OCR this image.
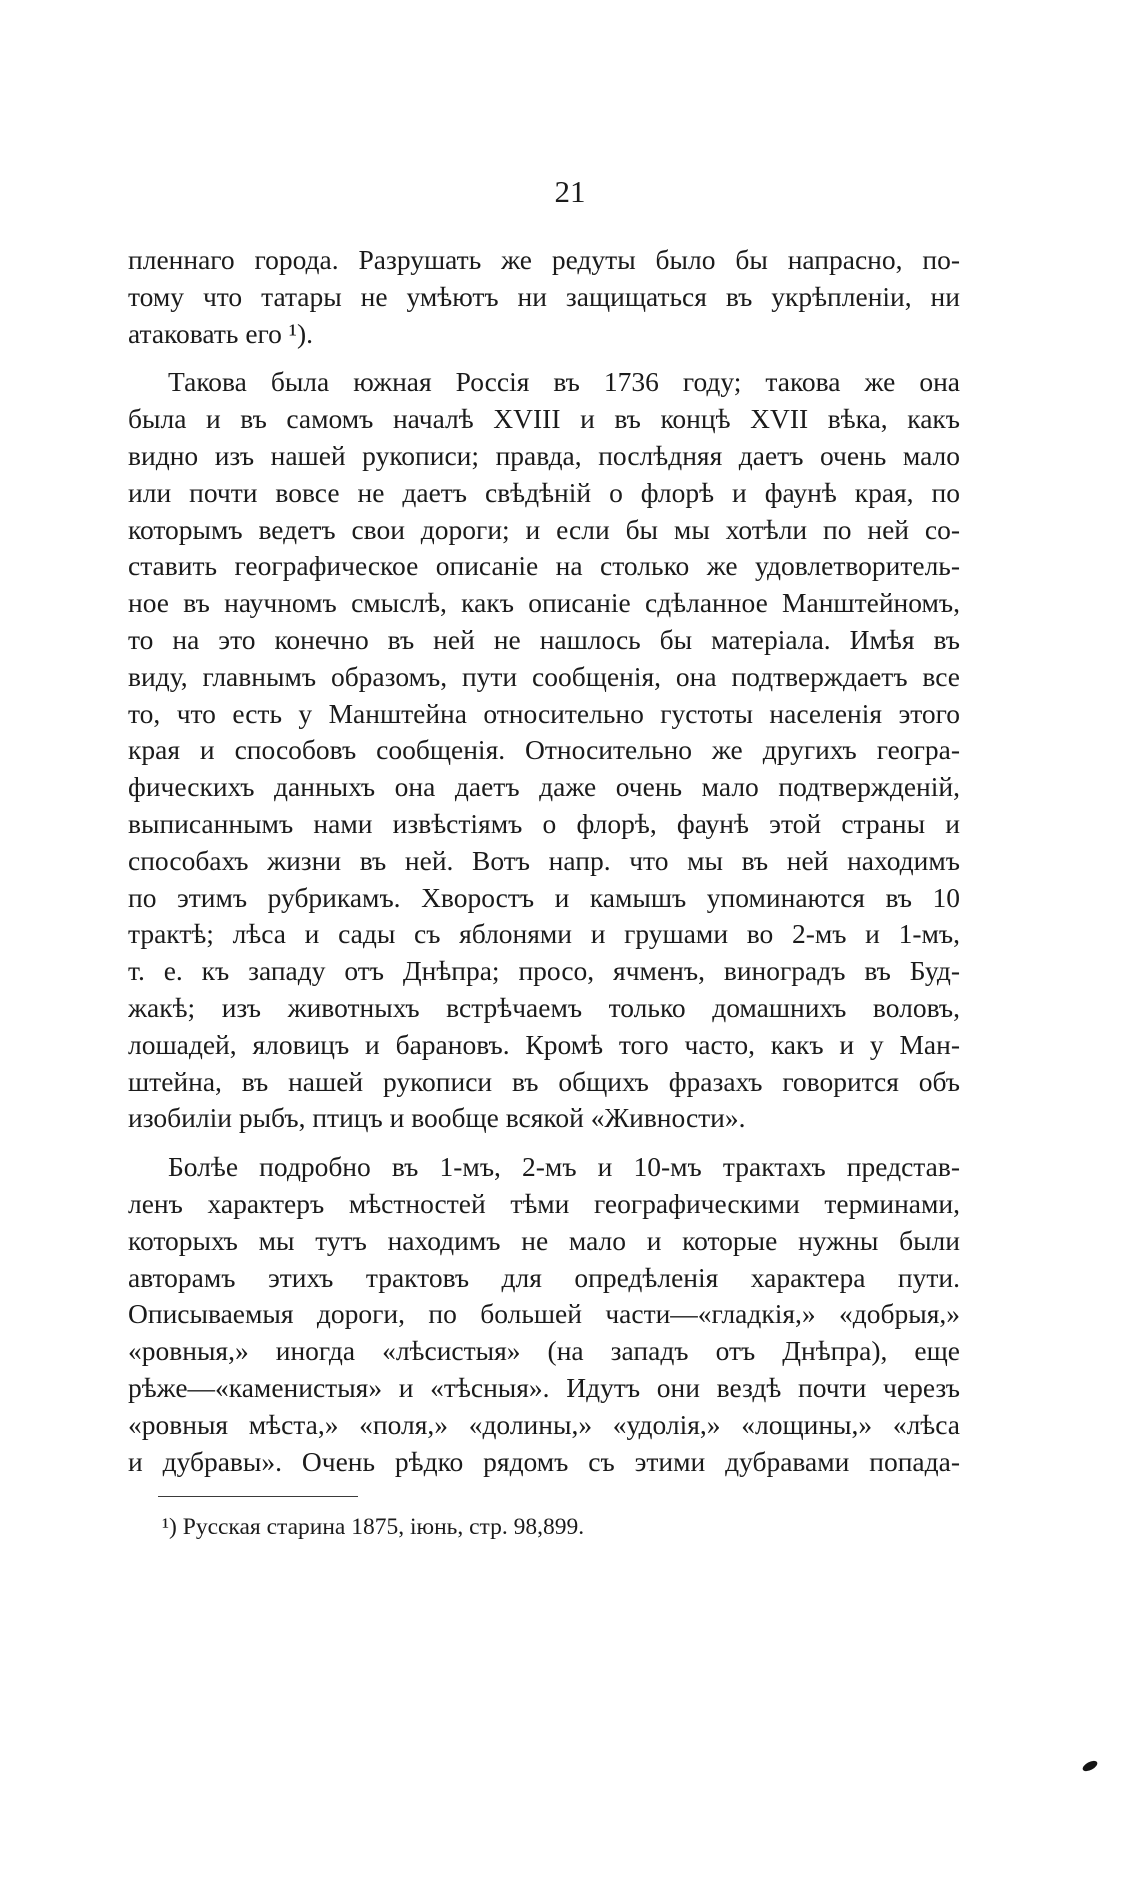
21
пленнаго города. Разрушать же редуты было бы напрасно, по-
тому что татары не умѣютъ ни защищаться въ укрѣпленіи, ни
атаковать его ¹).
Такова была южная Россія въ 1736 году; такова же она
была и въ самомъ началѣ XVIII и въ концѣ XVII вѣка, какъ
видно изъ нашей рукописи; правда, послѣдняя даетъ очень мало
или почти вовсе не даетъ свѣдѣній о флорѣ и фаунѣ края, по
которымъ ведетъ свои дороги; и если бы мы хотѣли по ней со-
ставить географическое описаніе на столько же удовлетворитель-
ное въ научномъ смыслѣ, какъ описаніе сдѣланное Манштейномъ,
то на это конечно въ ней не нашлось бы матеріала. Имѣя въ
виду, главнымъ образомъ, пути сообщенія, она подтверждаетъ все
то, что есть у Манштейна относительно густоты населенія этого
края и способовъ сообщенія. Относительно же другихъ геогра-
фическихъ данныхъ она даетъ даже очень мало подтвержденій,
выписаннымъ нами извѣстіямъ о флорѣ, фаунѣ этой страны и
способахъ жизни въ ней. Вотъ напр. что мы въ ней находимъ
по этимъ рубрикамъ. Хворостъ и камышъ упоминаются въ 10
трактѣ; лѣса и сады съ яблонями и грушами во 2-мъ и 1-мъ,
т. е. къ западу отъ Днѣпра; просо, ячменъ, виноградъ въ Буд-
жакѣ; изъ животныхъ встрѣчаемъ только домашнихъ воловъ,
лошадей, яловицъ и барановъ. Кромѣ того часто, какъ и у Ман-
штейна, въ нашей рукописи въ общихъ фразахъ говорится объ
изобиліи рыбъ, птицъ и вообще всякой «Живности».
Болѣе подробно въ 1-мъ, 2-мъ и 10-мъ трактахъ представ-
ленъ характеръ мѣстностей тѣми географическими терминами,
которыхъ мы тутъ находимъ не мало и которые нужны были
авторамъ этихъ трактовъ для опредѣленія характера пути.
Описываемыя дороги, по большей части—«гладкія,» «добрыя,»
«ровныя,» иногда «лѣсистыя» (на западъ отъ Днѣпра), еще
рѣже—«каменистыя» и «тѣсныя». Идутъ они вездѣ почти черезъ
«ровныя мѣста,» «поля,» «долины,» «удолія,» «лощины,» «лѣса
и дубравы». Очень рѣдко рядомъ съ этими дубравами попада-
¹) Русская старина 1875, іюнь, стр. 98,899.
